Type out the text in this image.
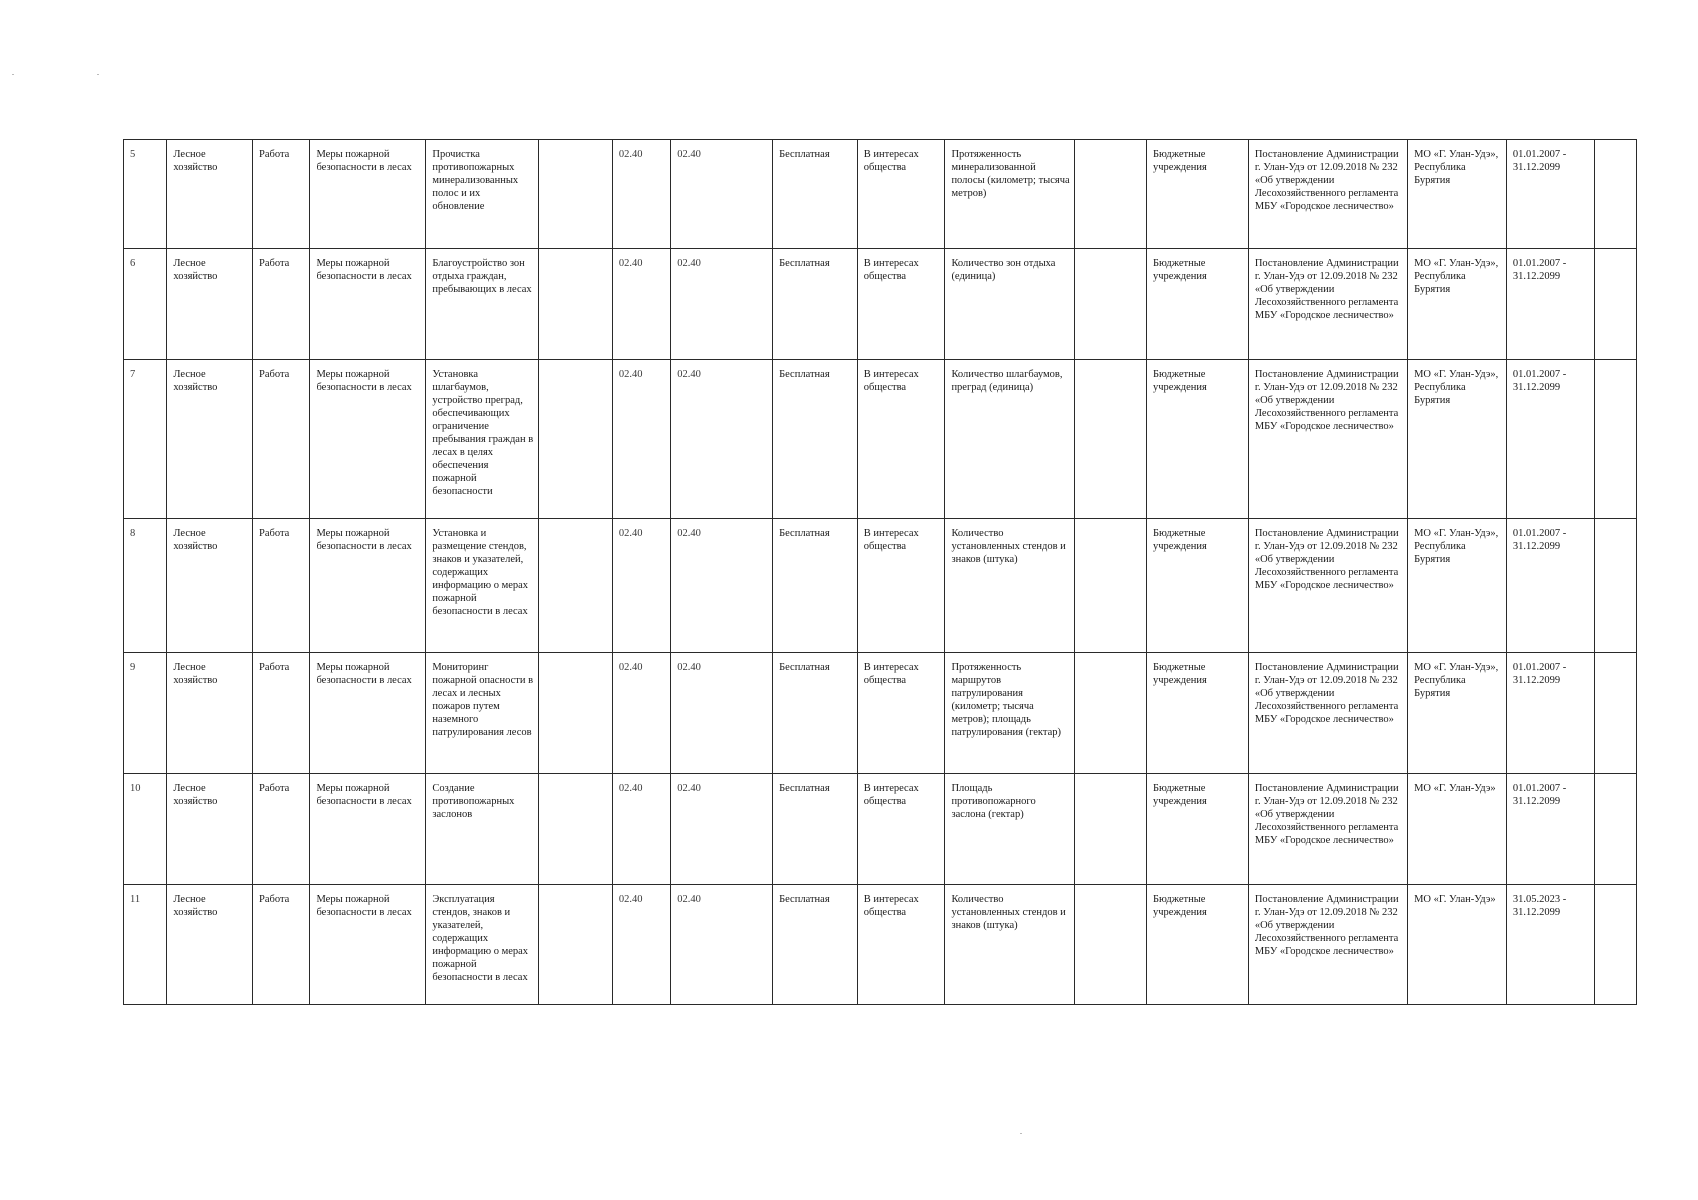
5	Лесное хозяйство	Работа	Меры пожарной безопасности в лесах	Прочистка противопожарных минерализованных полос и их обновление		02.40	02.40	Бесплатная	В интересах общества	Протяженность минерализованной полосы (километр; тысяча метров)		Бюджетные учреждения	Постановление Администрации г. Улан-Удэ от 12.09.2018 № 232 «Об утверждении Лесохозяйственного регламента МБУ «Городское лесничество»	МО «Г. Улан-Удэ», Республика Бурятия	01.01.2007 - 31.12.2099	
6	Лесное хозяйство	Работа	Меры пожарной безопасности в лесах	Благоустройство зон отдыха граждан, пребывающих в лесах		02.40	02.40	Бесплатная	В интересах общества	Количество зон отдыха (единица)		Бюджетные учреждения	Постановление Администрации г. Улан-Удэ от 12.09.2018 № 232 «Об утверждении Лесохозяйственного регламента МБУ «Городское лесничество»	МО «Г. Улан-Удэ», Республика Бурятия	01.01.2007 - 31.12.2099	
7	Лесное хозяйство	Работа	Меры пожарной безопасности в лесах	Установка шлагбаумов, устройство преград, обеспечивающих ограничение пребывания граждан в лесах в целях обеспечения пожарной безопасности		02.40	02.40	Бесплатная	В интересах общества	Количество шлагбаумов, преград (единица)		Бюджетные учреждения	Постановление Администрации г. Улан-Удэ от 12.09.2018 № 232 «Об утверждении Лесохозяйственного регламента МБУ «Городское лесничество»	МО «Г. Улан-Удэ», Республика Бурятия	01.01.2007 - 31.12.2099	
8	Лесное хозяйство	Работа	Меры пожарной безопасности в лесах	Установка и размещение стендов, знаков и указателей, содержащих информацию о мерах пожарной безопасности в лесах		02.40	02.40	Бесплатная	В интересах общества	Количество установленных стендов и знаков (штука)		Бюджетные учреждения	Постановление Администрации г. Улан-Удэ от 12.09.2018 № 232 «Об утверждении Лесохозяйственного регламента МБУ «Городское лесничество»	МО «Г. Улан-Удэ», Республика Бурятия	01.01.2007 - 31.12.2099	
9	Лесное хозяйство	Работа	Меры пожарной безопасности в лесах	Мониторинг пожарной опасности в лесах и лесных пожаров путем наземного патрулирования лесов		02.40	02.40	Бесплатная	В интересах общества	Протяженность маршрутов патрулирования (километр; тысяча метров); площадь патрулирования (гектар)		Бюджетные учреждения	Постановление Администрации г. Улан-Удэ от 12.09.2018 № 232 «Об утверждении Лесохозяйственного регламента МБУ «Городское лесничество»	МО «Г. Улан-Удэ», Республика Бурятия	01.01.2007 - 31.12.2099	
10	Лесное хозяйство	Работа	Меры пожарной безопасности в лесах	Создание противопожарных заслонов		02.40	02.40	Бесплатная	В интересах общества	Площадь противопожарного заслона (гектар)		Бюджетные учреждения	Постановление Администрации г. Улан-Удэ от 12.09.2018 № 232 «Об утверждении Лесохозяйственного регламента МБУ «Городское лесничество»	МО «Г. Улан-Удэ»	01.01.2007 - 31.12.2099	
11	Лесное хозяйство	Работа	Меры пожарной безопасности в лесах	Эксплуатация стендов, знаков и указателей, содержащих информацию о мерах пожарной безопасности в лесах		02.40	02.40	Бесплатная	В интересах общества	Количество установленных стендов и знаков (штука)		Бюджетные учреждения	Постановление Администрации г. Улан-Удэ от 12.09.2018 № 232 «Об утверждении Лесохозяйственного регламента МБУ «Городское лесничество»	МО «Г. Улан-Удэ»	31.05.2023 - 31.12.2099	
